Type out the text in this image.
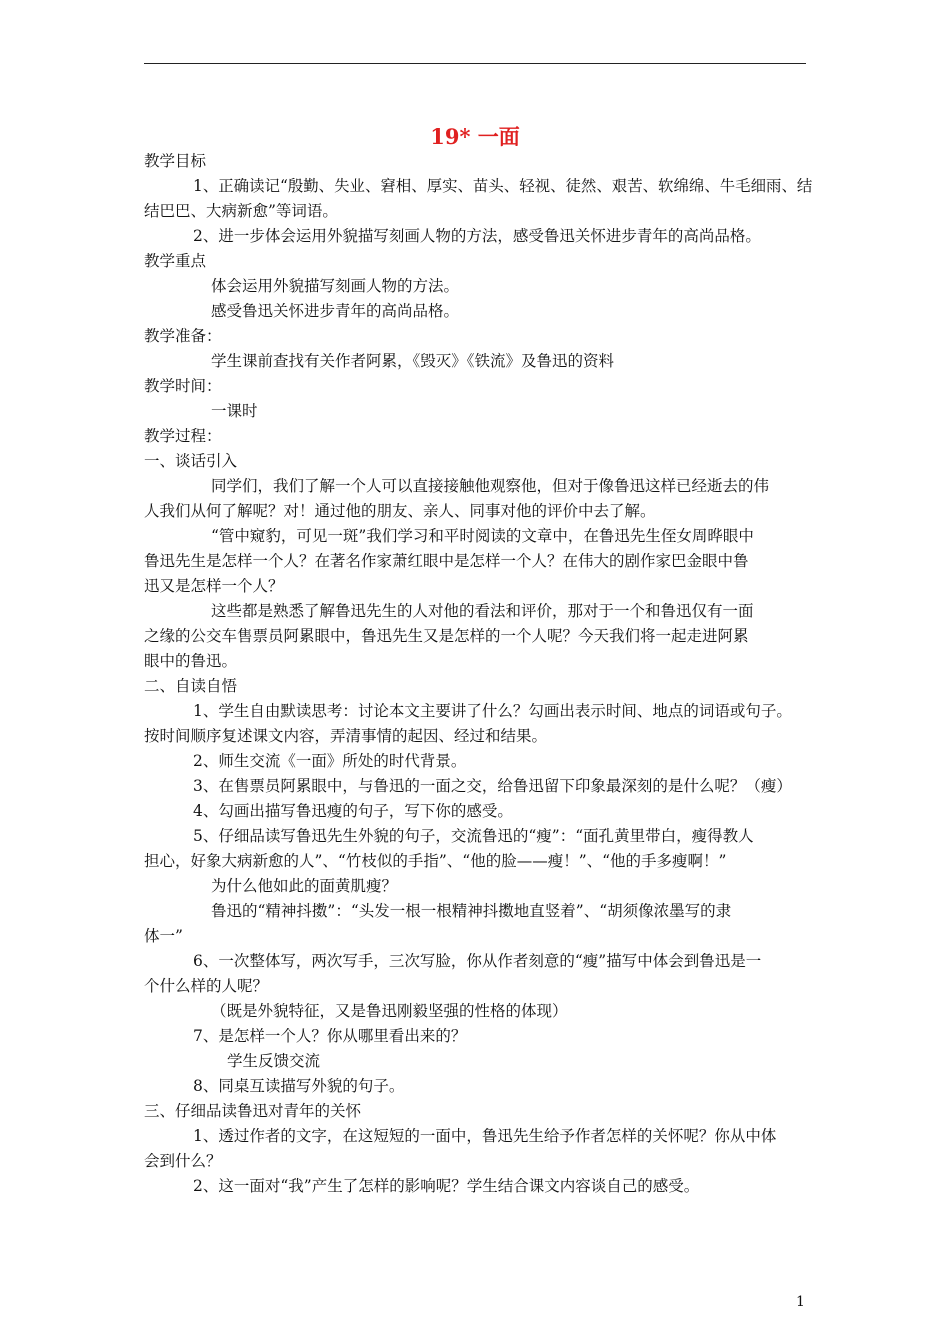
19* 一面
教学目标
1、正确读记“殷勤、失业、窘相、厚实、苗头、轻视、徒然、艰苦、软绵绵、牛毛细雨、结
结巴巴、大病新愈”等词语。
2、进一步体会运用外貌描写刻画人物的方法，感受鲁迅关怀进步青年的高尚品格。
教学重点
体会运用外貌描写刻画人物的方法。
感受鲁迅关怀进步青年的高尚品格。
教学准备：
学生课前查找有关作者阿累，《毁灭》《铁流》及鲁迅的资料
教学时间：
一课时
教学过程：
一、谈话引入
同学们，我们了解一个人可以直接接触他观察他，但对于像鲁迅这样已经逝去的伟
人我们从何了解呢？对！通过他的朋友、亲人、同事对他的评价中去了解。
“管中窥豹，可见一斑”我们学习和平时阅读的文章中，在鲁迅先生侄女周晔眼中
鲁迅先生是怎样一个人？在著名作家萧红眼中是怎样一个人？在伟大的剧作家巴金眼中鲁
迅又是怎样一个人？
这些都是熟悉了解鲁迅先生的人对他的看法和评价，那对于一个和鲁迅仅有一面
之缘的公交车售票员阿累眼中，鲁迅先生又是怎样的一个人呢？今天我们将一起走进阿累
眼中的鲁迅。
二、自读自悟
1、学生自由默读思考：讨论本文主要讲了什么？勾画出表示时间、地点的词语或句子。
按时间顺序复述课文内容，弄清事情的起因、经过和结果。
2、师生交流《一面》所处的时代背景。
3、在售票员阿累眼中，与鲁迅的一面之交，给鲁迅留下印象最深刻的是什么呢？（瘦）
4、勾画出描写鲁迅瘦的句子，写下你的感受。
5、仔细品读写鲁迅先生外貌的句子，交流鲁迅的“瘦”：“面孔黄里带白，瘦得教人
担心，好象大病新愈的人”、“竹枝似的手指”、“他的脸——瘦！”、“他的手多瘦啊！”
为什么他如此的面黄肌瘦？
鲁迅的“精神抖擞”：“头发一根一根精神抖擞地直竖着”、“胡须像浓墨写的隶
体一”
6、一次整体写，两次写手，三次写脸，你从作者刻意的“瘦”描写中体会到鲁迅是一
个什么样的人呢？
（既是外貌特征，又是鲁迅刚毅坚强的性格的体现）
7、是怎样一个人？你从哪里看出来的？
学生反馈交流
8、同桌互读描写外貌的句子。
三、仔细品读鲁迅对青年的关怀
1、透过作者的文字，在这短短的一面中，鲁迅先生给予作者怎样的关怀呢？你从中体
会到什么？
2、这一面对“我”产生了怎样的影响呢？学生结合课文内容谈自己的感受。
1
